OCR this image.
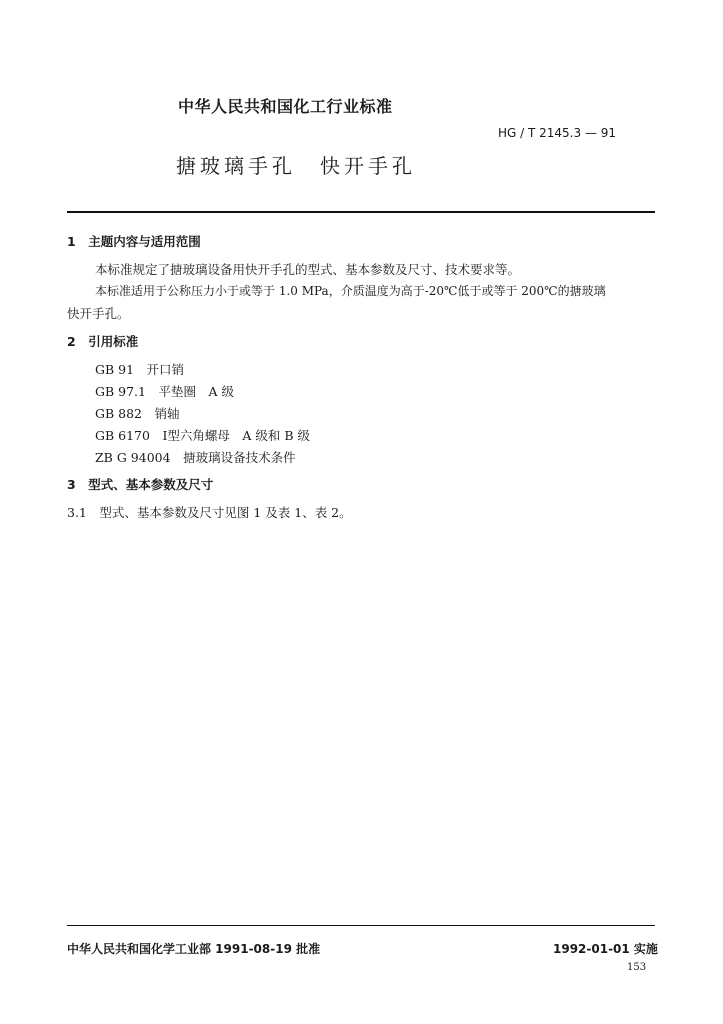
中华人民共和国化工行业标准
HG / T 2145.3 — 91
搪玻璃手孔　快开手孔
1　主题内容与适用范围
本标准规定了搪玻璃设备用快开手孔的型式、基本参数及尺寸、技术要求等。
本标准适用于公称压力小于或等于 1.0 MPa，介质温度为高于-20℃低于或等于 200℃的搪玻璃
快开手孔。
2　引用标准
GB 91　开口销
GB 97.1　平垫圈　A 级
GB 882　销轴
GB 6170　Ⅰ型六角螺母　A 级和 B 级
ZB G 94004　搪玻璃设备技术条件
3　型式、基本参数及尺寸
3.1　型式、基本参数及尺寸见图 1 及表 1、表 2。
中华人民共和国化学工业部 1991-08-19 批准	1992-01-01 实施
153
